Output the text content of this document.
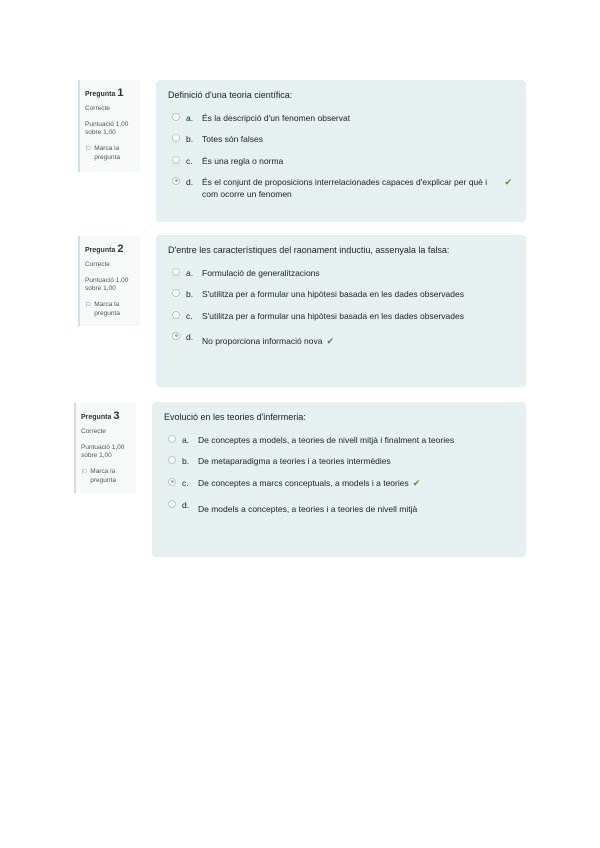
Pregunta 1
Correcte
Puntuació 1,00 sobre 1,00
⚐ Marca la pregunta
Definició d'una teoria científica:
a. És la descripció d'un fenomen observat
b. Totes són falses
c. És una regla o norma
d. És el conjunt de proposicions interrelacionades capaces d'explicar per què i com ocorre un fenomen
✔
Pregunta 2
Correcte
Puntuació 1,00 sobre 1,00
⚐ Marca la pregunta
D'entre les característiques del raonament inductiu, assenyala la falsa:
a. Formulació de generalitzacions
b. S'utilitza per a formular una hipòtesi basada en les dades observades
c. S'utilitza per a formular una hipòtesi basada en les dades observades
d. No proporciona informació nova ✔
Pregunta 3
Correcte
Puntuació 1,00 sobre 1,00
⚐ Marca la pregunta
Evolució en les teories d'infermeria:
a. De conceptes a models, a teories de nivell mitjà i finalment a teories
b. De metaparadigma a teories i a teories intermèdies
c. De conceptes a marcs conceptuals, a models i a teories ✔
d. De models a conceptes, a teories i a teories de nivell mitjà
